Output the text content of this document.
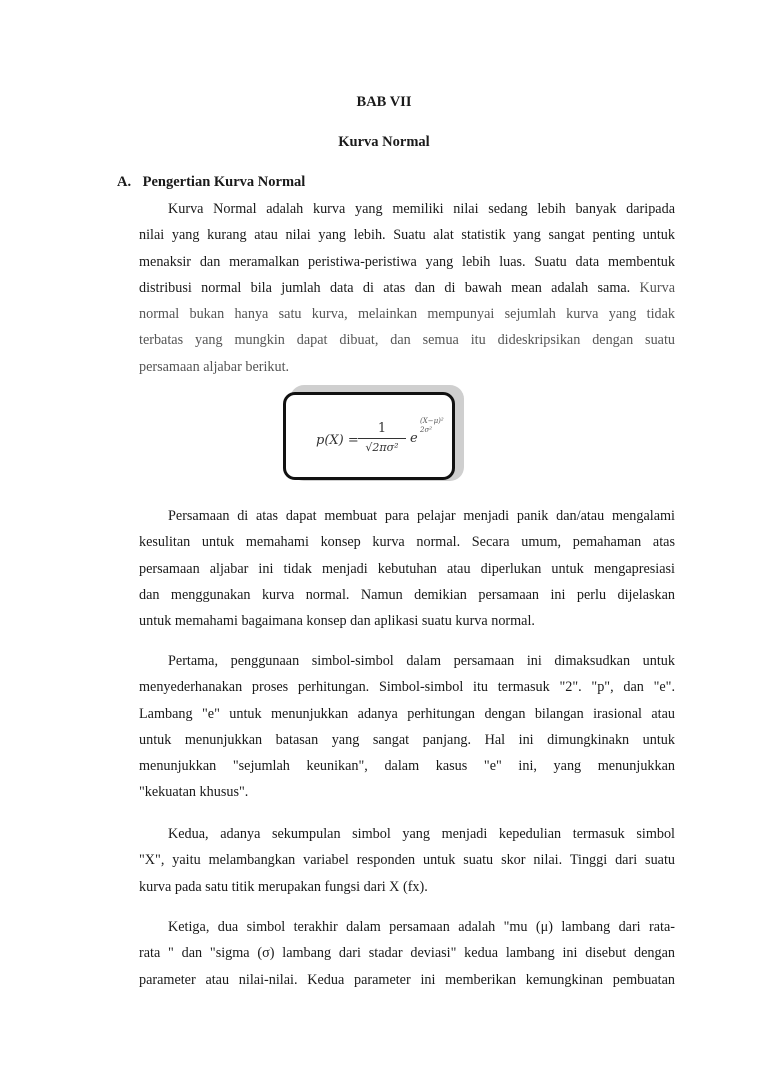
BAB VII
Kurva Normal
A. Pengertian Kurva Normal
Kurva Normal adalah kurva yang memiliki nilai sedang lebih banyak daripada
nilai yang kurang atau nilai yang lebih. Suatu alat statistik yang sangat penting untuk
menaksir dan meramalkan peristiwa-peristiwa yang lebih luas. Suatu data membentuk
distribusi normal bila jumlah data di atas dan di bawah mean adalah sama. Kurva
normal bukan hanya satu kurva, melainkan mempunyai sejumlah kurva yang tidak
terbatas yang mungkin dapat dibuat, dan semua itu dideskripsikan dengan suatu
persamaan aljabar berikut.
p(X) =
1
√2πσ²
e
(X−μ)²
2σ²
Persamaan di atas dapat membuat para pelajar menjadi panik dan/atau mengalami
kesulitan untuk memahami konsep kurva normal. Secara umum, pemahaman atas
persamaan aljabar ini tidak menjadi kebutuhan atau diperlukan untuk mengapresiasi
dan menggunakan kurva normal. Namun demikian persamaan ini perlu dijelaskan
untuk memahami bagaimana konsep dan aplikasi suatu kurva normal.
Pertama, penggunaan simbol-simbol dalam persamaan ini dimaksudkan untuk
menyederhanakan proses perhitungan. Simbol-simbol itu termasuk "2". "p", dan "e".
Lambang "e" untuk menunjukkan adanya perhitungan dengan bilangan irasional atau
untuk menunjukkan batasan yang sangat panjang. Hal ini dimungkinakn untuk
menunjukkan "sejumlah keunikan", dalam kasus "e" ini, yang menunjukkan
"kekuatan khusus".
Kedua, adanya sekumpulan simbol yang menjadi kepedulian termasuk simbol
"X", yaitu melambangkan variabel responden untuk suatu skor nilai. Tinggi dari suatu
kurva pada satu titik merupakan fungsi dari X (fx).
Ketiga, dua simbol terakhir dalam persamaan adalah "mu (μ) lambang dari rata-
rata " dan "sigma (σ) lambang dari stadar deviasi" kedua lambang ini disebut dengan
parameter atau nilai-nilai. Kedua parameter ini memberikan kemungkinan pembuatan
